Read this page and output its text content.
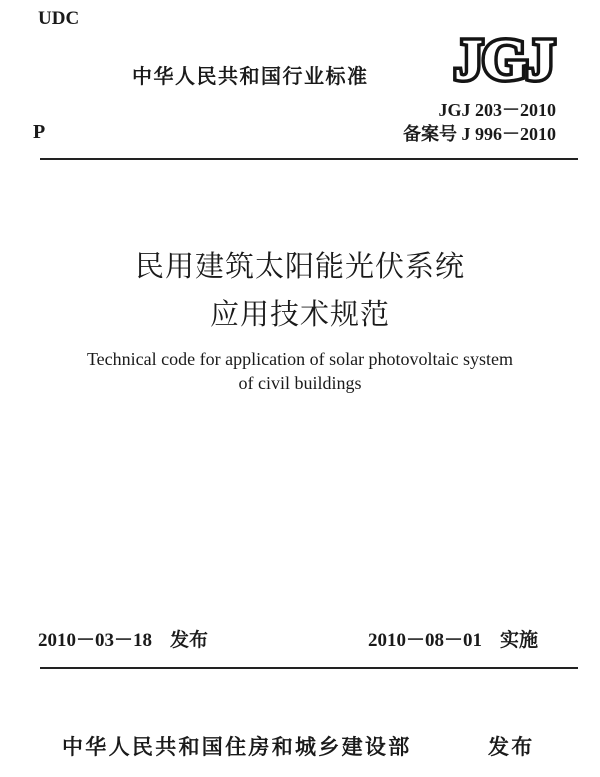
UDC
中华人民共和国行业标准 JGJ
JGJ 203－2010
备案号 J 996－2010
P
民用建筑太阳能光伏系统
应用技术规范
Technical code for application of solar photovoltaic system
of civil buildings
2010－03－18 发布	2010－08－01 实施
中华人民共和国住房和城乡建设部	发布
